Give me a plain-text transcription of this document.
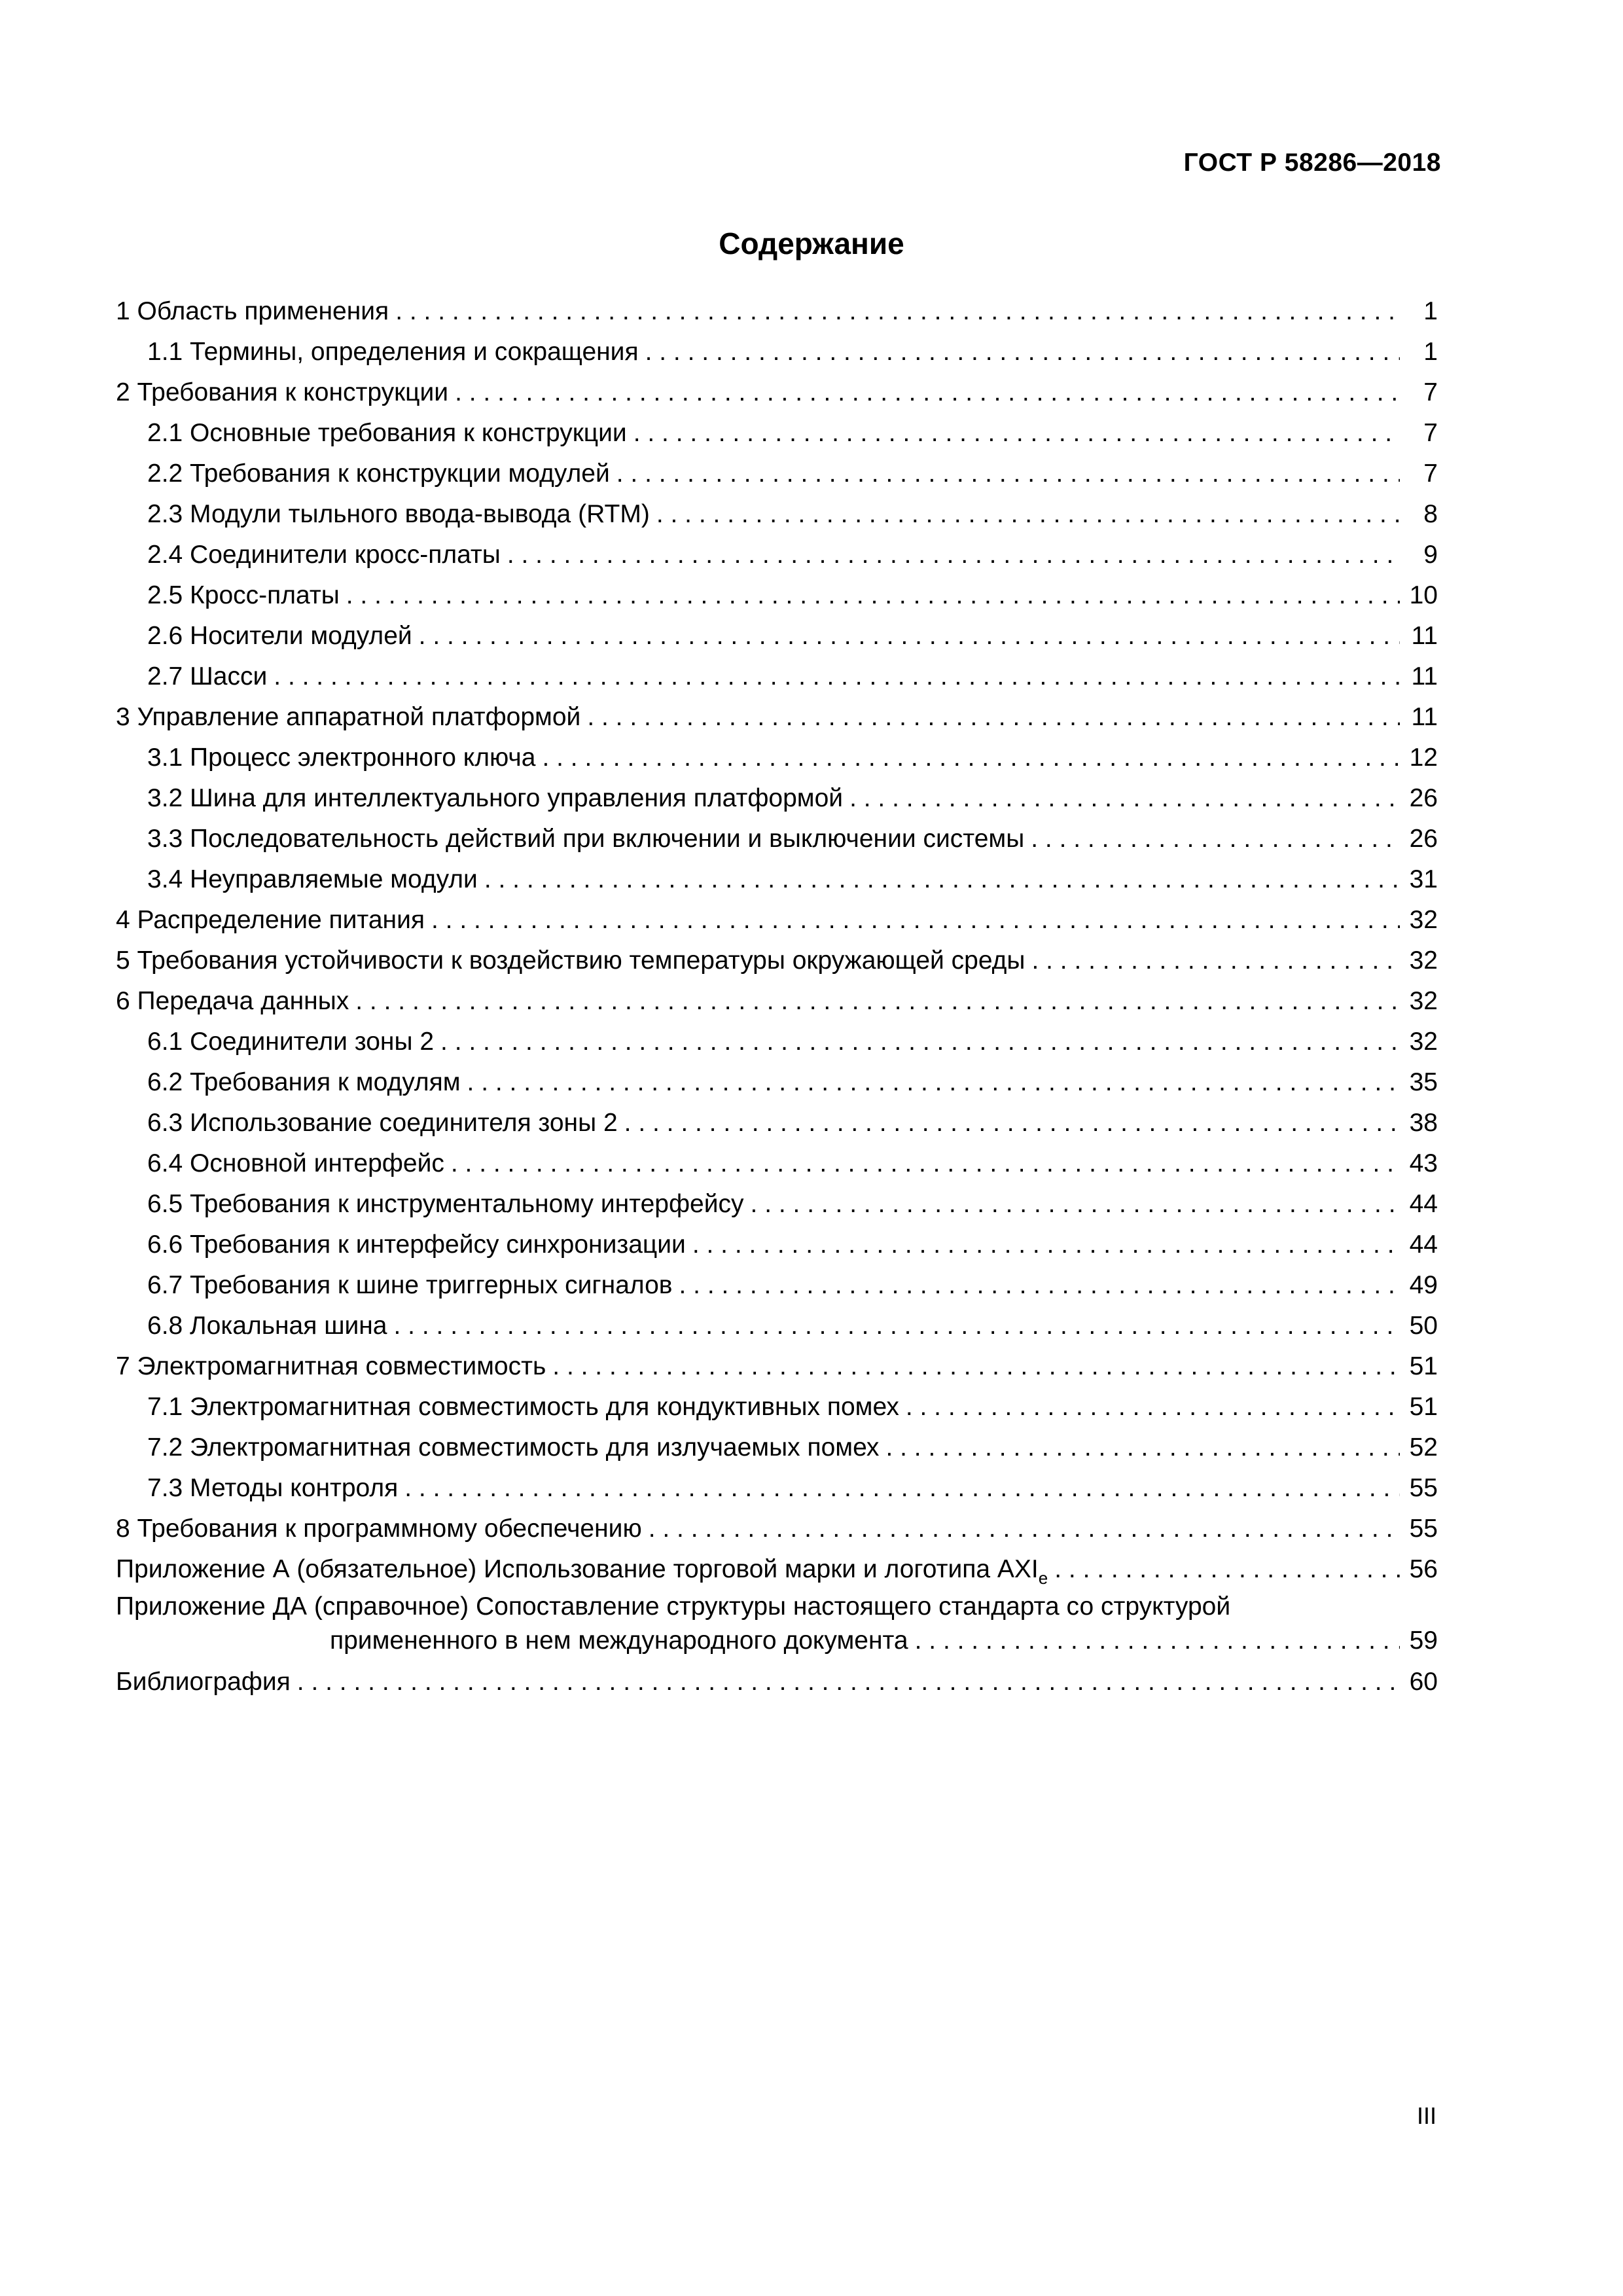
ГОСТ Р 58286—2018
Содержание
1 Область применения . . .	1
1.1 Термины, определения и сокращения . . .	1
2 Требования к конструкции . . .	7
2.1 Основные требования к конструкции . . .	7
2.2 Требования к конструкции модулей . . .	7
2.3 Модули тыльного ввода-вывода (RTM) . . .	8
2.4 Соединители кросс-платы . . .	9
2.5 Кросс-платы . . .	10
2.6 Носители модулей . . .	11
2.7 Шасси . . .	11
3 Управление аппаратной платформой . . .	11
3.1 Процесс электронного ключа . . .	12
3.2 Шина для интеллектуального управления платформой . . .	26
3.3 Последовательность действий при включении и выключении системы . . .	26
3.4 Неуправляемые модули . . .	31
4 Распределение питания . . .	32
5 Требования устойчивости к воздействию температуры окружающей среды . . .	32
6 Передача данных . . .	32
6.1 Соединители зоны 2 . . .	32
6.2 Требования к модулям . . .	35
6.3 Использование соединителя зоны 2 . . .	38
6.4 Основной интерфейс . . .	43
6.5 Требования к инструментальному интерфейсу . . .	44
6.6 Требования к интерфейсу синхронизации . . .	44
6.7 Требования к шине триггерных сигналов . . .	49
6.8 Локальная шина . . .	50
7 Электромагнитная совместимость . . .	51
7.1 Электромагнитная совместимость для кондуктивных помех . . .	51
7.2 Электромагнитная совместимость для излучаемых помех . . .	52
7.3 Методы контроля . . .	55
8 Требования к программному обеспечению . . .	55
Приложение А (обязательное) Использование торговой марки и логотипа $AXI_e$ . . .	56
Приложение ДА (справочное) Сопоставление структуры настоящего стандарта со структурой
примененного в нем международного документа . . .	59
Библиография . . .	60
III
